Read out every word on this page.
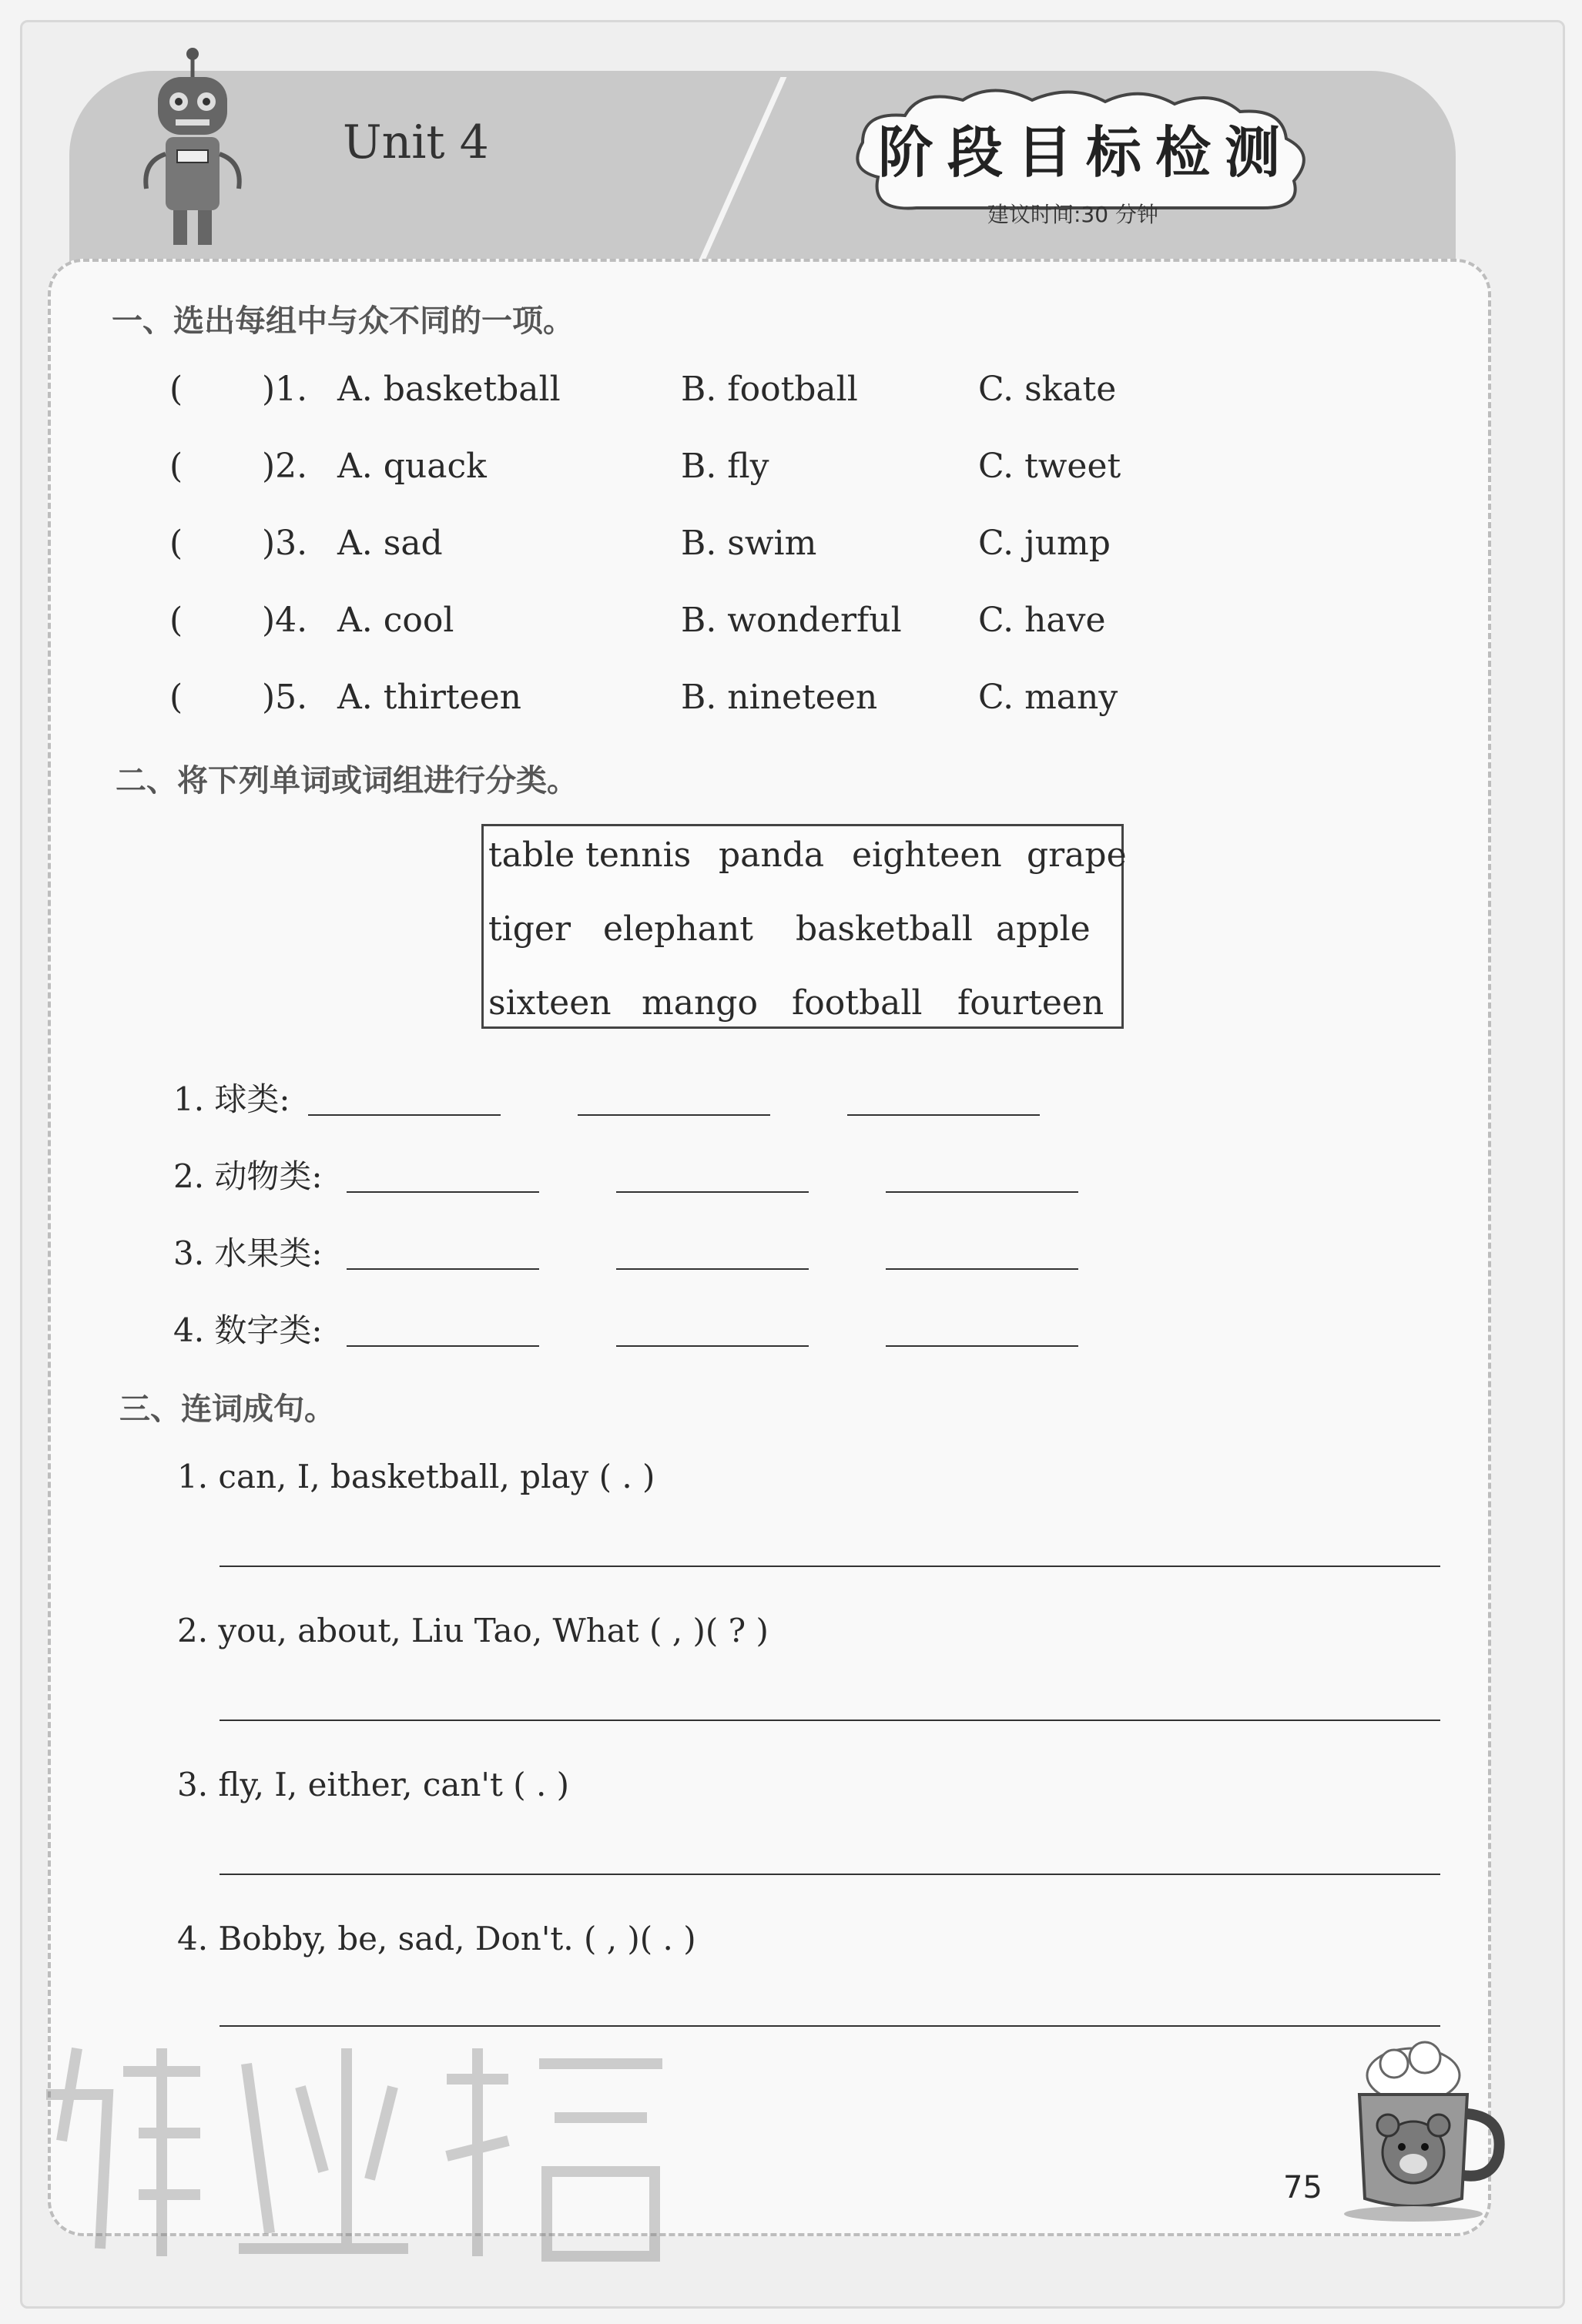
Unit 4	阶段目标检测
建议时间:30 分钟
一、选出每组中与众不同的一项。
( )1. A. basketball	B. football	C. skate
( )2. A. quack	B. fly	C. tweet
( )3. A. sad	B. swim	C. jump
( )4. A. cool	B. wonderful C. have
( )5. A. thirteen	B. nineteen	C. many
二、将下列单词或词组进行分类。
table tennis panda eighteen grape
tiger elephant basketball apple
sixteen mango football fourteen
1. 球类:
2. 动物类:
3. 水果类:
4. 数字类:
三、连词成句。
1. can, I, basketball, play ( . )
2. you, about, Liu Tao, What ( , )( ? )
3. fly, I, either, can't ( . )
4. Bobby, be, sad, Don't. ( , )( . )
75
